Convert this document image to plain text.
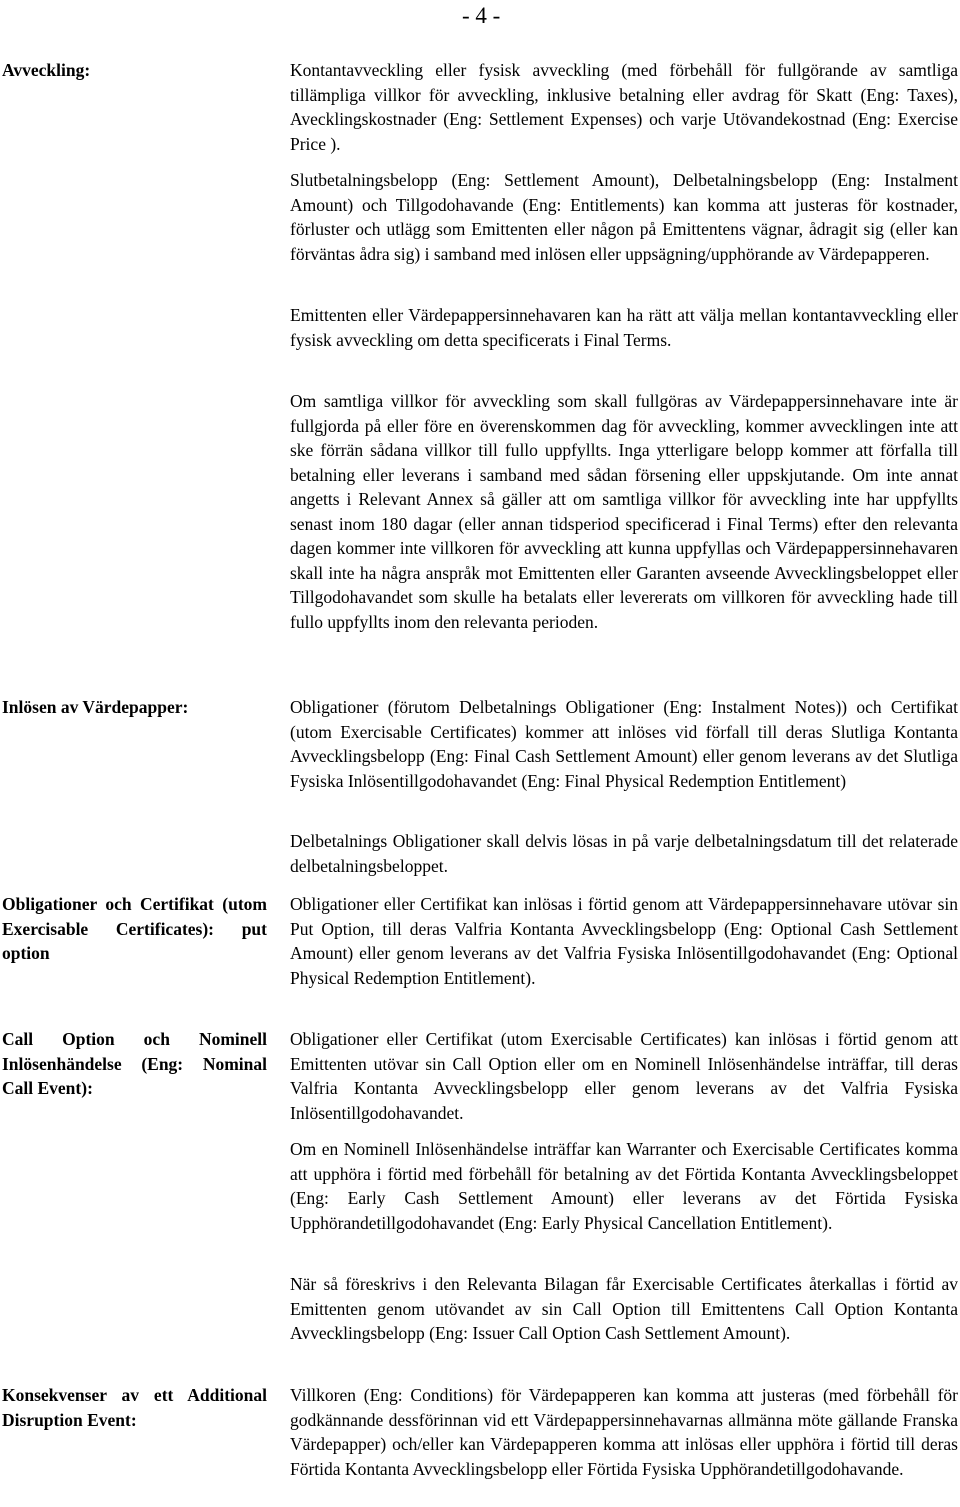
- 4 -
Avveckling:	Kontantavveckling eller fysisk avveckling (med förbehåll för fullgörande av samtliga tillämpliga villkor för avveckling, inklusive betalning eller avdrag för Skatt (Eng: Taxes), Avecklingskostnader (Eng: Settlement Expenses) och varje Utövandekostnad (Eng: Exercise Price ).

Slutbetalningsbelopp (Eng: Settlement Amount), Delbetalningsbelopp (Eng: Instalment Amount) och Tillgodohavande (Eng: Entitlements) kan komma att justeras för kostnader, förluster och utlägg som Emittenten eller någon på Emittentens vägnar, ådragit sig (eller kan förväntas ådra sig) i samband med inlösen eller uppsägning/upphörande av Värdepapperen.

Emittenten eller Värdepappersinnehavaren kan ha rätt att välja mellan kontantavveckling eller fysisk avveckling om detta specificerats i Final Terms.

Om samtliga villkor för avveckling som skall fullgöras av Värdepappersinnehavare inte är fullgjorda på eller före en överenskommen dag för avveckling, kommer avvecklingen inte att ske förrän sådana villkor till fullo uppfyllts. Inga ytterligare belopp kommer att förfalla till betalning eller leverans i samband med sådan försening eller uppskjutande. Om inte annat angetts i Relevant Annex så gäller att om samtliga villkor för avveckling inte har uppfyllts senast inom 180 dagar (eller annan tidsperiod specificerad i Final Terms) efter den relevanta dagen kommer inte villkoren för avveckling att kunna uppfyllas och Värdepappersinnehavaren skall inte ha några anspråk mot Emittenten eller Garanten avseende Avvecklingsbeloppet eller Tillgodohavandet som skulle ha betalats eller levererats om villkoren för avveckling hade till fullo uppfyllts inom den relevanta perioden.

Inlösen av Värdepapper:	Obligationer (förutom Delbetalnings Obligationer (Eng: Instalment Notes)) och Certifikat (utom Exercisable Certificates) kommer att inlöses vid förfall till deras Slutliga Kontanta Avvecklingsbelopp (Eng: Final Cash Settlement Amount) eller genom leverans av det Slutliga Fysiska Inlösentillgodohavandet (Eng: Final Physical Redemption Entitlement)

Delbetalnings Obligationer skall delvis lösas in på varje delbetalningsdatum till det relaterade delbetalningsbeloppet.

Obligationer och Certifikat (utom Exercisable Certificates): put option

Obligationer eller Certifikat kan inlösas i förtid genom att Värdepappersinnehavare utövar sin Put Option, till deras Valfria Kontanta Avvecklingsbelopp (Eng: Optional Cash Settlement Amount) eller genom leverans av det Valfria Fysiska Inlösentillgodohavandet (Eng: Optional Physical Redemption Entitlement).

Call Option och Nominell Inlösenhändelse (Eng: Nominal Call Event):

Obligationer eller Certifikat (utom Exercisable Certificates) kan inlösas i förtid genom att Emittenten utövar sin Call Option eller om en Nominell Inlösenhändelse inträffar, till deras Valfria Kontanta Avvecklingsbelopp eller genom leverans av det Valfria Fysiska Inlösentillgodohavandet.

Om en Nominell Inlösenhändelse inträffar kan Warranter och Exercisable Certificates komma att upphöra i förtid med förbehåll för betalning av det Förtida Kontanta Avvecklingsbeloppet (Eng: Early Cash Settlement Amount) eller leverans av det Förtida Fysiska Upphörandetillgodohavandet (Eng: Early Physical Cancellation Entitlement).

När så föreskrivs i den Relevanta Bilagan får Exercisable Certificates återkallas i förtid av Emittenten genom utövandet av sin Call Option till Emittentens Call Option Kontanta Avvecklingsbelopp (Eng: Issuer Call Option Cash Settlement Amount).

Konsekvenser av ett Additional Disruption Event:

Villkoren (Eng: Conditions) för Värdepapperen kan komma att justeras (med förbehåll för godkännande dessförinnan vid ett Värdepappersinnehavarnas allmänna möte gällande Franska Värdepapper) och/eller kan Värdepapperen komma att inlösas eller upphöra i förtid till deras Förtida Kontanta Avvecklingsbelopp eller Förtida Fysiska Upphörandetillgodohavande.
